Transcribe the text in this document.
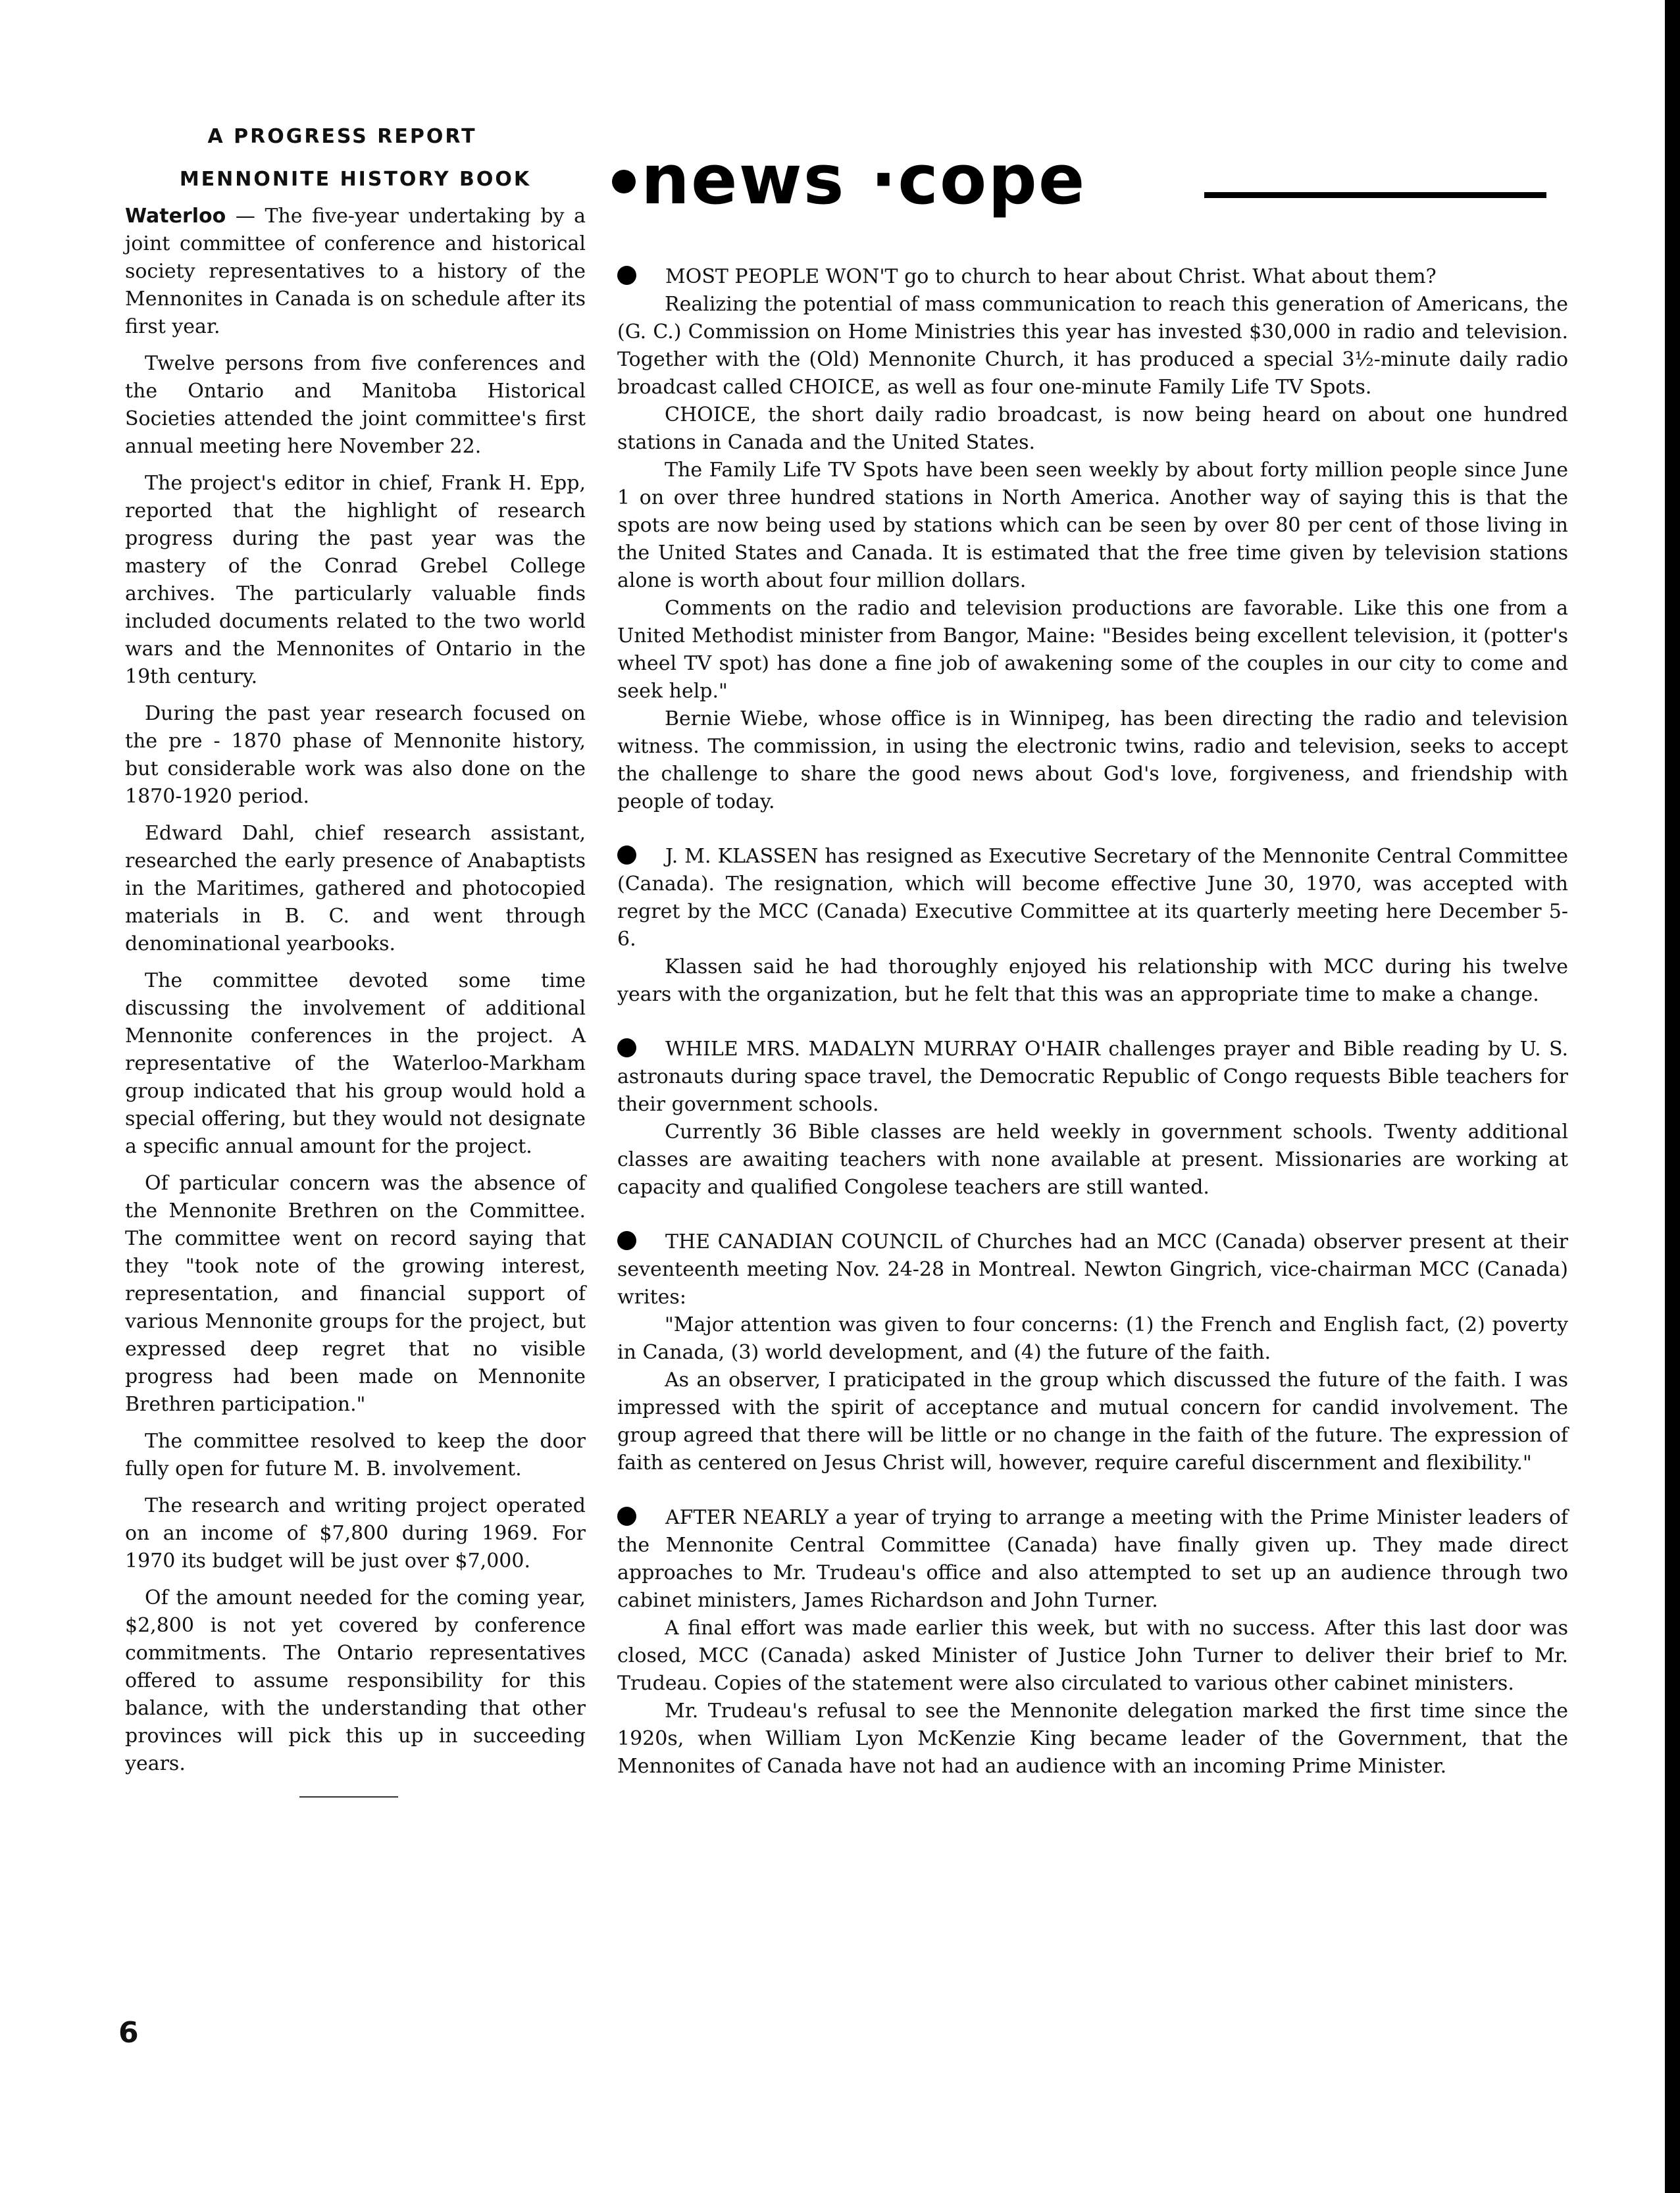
A PROGRESS REPORT

MENNONITE HISTORY BOOK

Waterloo — The five-year undertaking by a joint committee of conference and historical society representatives to a history of the Mennonites in Canada is on schedule after its first year.

Twelve persons from five conferences and the Ontario and Manitoba Historical Societies attended the joint committee's first annual meeting here November 22.

The project's editor in chief, Frank H. Epp, reported that the highlight of research progress during the past year was the mastery of the Conrad Grebel College archives. The particularly valuable finds included documents related to the two world wars and the Mennonites of Ontario in the 19th century.

During the past year research focused on the pre - 1870 phase of Mennonite history, but considerable work was also done on the 1870-1920 period.

Edward Dahl, chief research assistant, researched the early presence of Anabaptists in the Maritimes, gathered and photocopied materials in B. C. and went through denominational yearbooks.

The committee devoted some time discussing the involvement of additional Mennonite conferences in the project. A representative of the Waterloo-Markham group indicated that his group would hold a special offering, but they would not designate a specific annual amount for the project.

Of particular concern was the absence of the Mennonite Brethren on the Committee. The committee went on record saying that they "took note of the growing interest, representation, and financial support of various Mennonite groups for the project, but expressed deep regret that no visible progress had been made on Mennonite Brethren participation."

The committee resolved to keep the door fully open for future M. B. involvement.

The research and writing project operated on an income of $7,800 during 1969. For 1970 its budget will be just over $7,000.

Of the amount needed for the coming year, $2,800 is not yet covered by conference commitments. The Ontario representatives offered to assume responsibility for this balance, with the understanding that other provinces will pick this up in succeeding years.

6
news ·cope

MOST PEOPLE WON'T go to church to hear about Christ. What about them?

Realizing the potential of mass communication to reach this generation of Americans, the (G. C.) Commission on Home Ministries this year has invested $30,000 in radio and television. Together with the (Old) Mennonite Church, it has produced a special 3½-minute daily radio broadcast called CHOICE, as well as four one-minute Family Life TV Spots.

CHOICE, the short daily radio broadcast, is now being heard on about one hundred stations in Canada and the United States.

The Family Life TV Spots have been seen weekly by about forty million people since June 1 on over three hundred stations in North America. Another way of saying this is that the spots are now being used by stations which can be seen by over 80 per cent of those living in the United States and Canada. It is estimated that the free time given by television stations alone is worth about four million dollars.

Comments on the radio and television productions are favorable. Like this one from a United Methodist minister from Bangor, Maine: "Besides being excellent television, it (potter's wheel TV spot) has done a fine job of awakening some of the couples in our city to come and seek help."

Bernie Wiebe, whose office is in Winnipeg, has been directing the radio and television witness. The commission, in using the electronic twins, radio and television, seeks to accept the challenge to share the good news about God's love, forgiveness, and friendship with people of today.

J. M. KLASSEN has resigned as Executive Secretary of the Mennonite Central Committee (Canada). The resignation, which will become effective June 30, 1970, was accepted with regret by the MCC (Canada) Executive Committee at its quarterly meeting here December 5-6.

Klassen said he had thoroughly enjoyed his relationship with MCC during his twelve years with the organization, but he felt that this was an appropriate time to make a change.

WHILE MRS. MADALYN MURRAY O'HAIR challenges prayer and Bible reading by U. S. astronauts during space travel, the Democratic Republic of Congo requests Bible teachers for their government schools.

Currently 36 Bible classes are held weekly in government schools. Twenty additional classes are awaiting teachers with none available at present. Missionaries are working at capacity and qualified Congolese teachers are still wanted.

THE CANADIAN COUNCIL of Churches had an MCC (Canada) observer present at their seventeenth meeting Nov. 24-28 in Montreal. Newton Gingrich, vice-chairman MCC (Canada) writes:

"Major attention was given to four concerns: (1) the French and English fact, (2) poverty in Canada, (3) world development, and (4) the future of the faith.

As an observer, I praticipated in the group which discussed the future of the faith. I was impressed with the spirit of acceptance and mutual concern for candid involvement. The group agreed that there will be little or no change in the faith of the future. The expression of faith as centered on Jesus Christ will, however, require careful discernment and flexibility."

AFTER NEARLY a year of trying to arrange a meeting with the Prime Minister leaders of the Mennonite Central Committee (Canada) have finally given up. They made direct approaches to Mr. Trudeau's office and also attempted to set up an audience through two cabinet ministers, James Richardson and John Turner.

A final effort was made earlier this week, but with no success. After this last door was closed, MCC (Canada) asked Minister of Justice John Turner to deliver their brief to Mr. Trudeau. Copies of the statement were also circulated to various other cabinet ministers.

Mr. Trudeau's refusal to see the Mennonite delegation marked the first time since the 1920s, when William Lyon McKenzie King became leader of the Government, that the Mennonites of Canada have not had an audience with an incoming Prime Minister.
